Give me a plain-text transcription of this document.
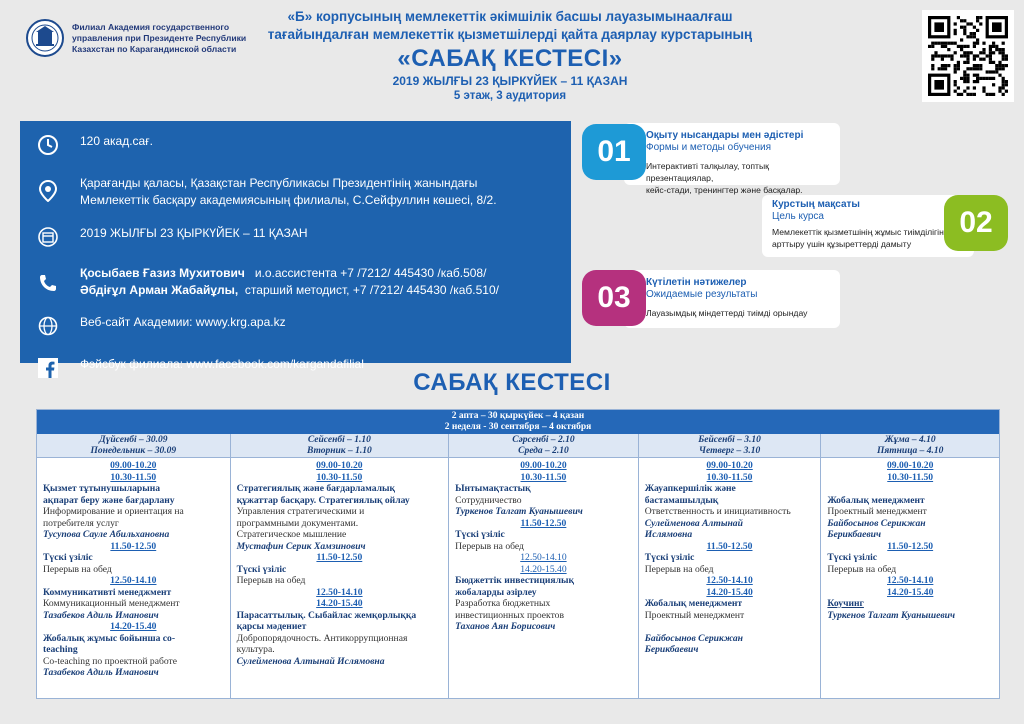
Филиал Академия государственного
управления при Президенте Республики
Казахстан по Карагандинской области
«Б» корпусының мемлекеттік әкімшілік басшы лауазымынаалғаш
тағайындалған мемлекеттік қызметшілерді қайта даярлау курстарының
«САБАҚ КЕСТЕСІ»
2019 ЖЫЛҒЫ 23 ҚЫРКҮЙЕК – 11 ҚАЗАН
5 этаж, 3 аудитория
120 акад.сағ.
Қарағанды қаласы, Қазақстан Республикасы Президентінің жанындағы
Мемлекеттік басқару академиясының филиалы, С.Сейфуллин көшесі, 8/2.
2019 ЖЫЛҒЫ 23 ҚЫРКҮЙЕК – 11 ҚАЗАН
Қосыбаев Ғазиз Мухитович и.о.ассистента +7 /7212/ 445430 /каб.508/
Әбдіғұл Арман Жабайұлы, старший методист, +7 /7212/ 445430 /каб.510/
Веб-сайт Академии: wwwy.krg.apa.kz
Фэйсбук филиала: www.facebook.com/kargandafilial
Оқыту нысандары мен әдістері
Формы и методы обучения
Интерактивті талқылау, топтық презентациялар,
кейс-стади, тренингтер және басқалар.
01
Курстың мақсаты
Цель курса
Мемлекеттік қызметшінің жұмыс тиімділігін
арттыру үшін құзыреттерді дамыту
02
Күтілетін нәтижелер
Ожидаемые результаты
Лауазымдық міндеттерді тиімді орындау
03
САБАҚ КЕСТЕСІ
2 апта – 30 қыркүйек – 4 қазан
2 неделя - 30 сентября – 4 октября
Дүйсенбі – 30.09
Понедельник – 30.09
09.00-10.20
10.30-11.50
Қызмет тұтынушыларына
ақпарат беру және бағдарлану
Информирование и ориентация на
потребителя услуг
Тусупова Сауле Абильхановна
11.50-12.50
Түскі үзіліс
Перерыв на обед
12.50-14.10
Коммуникативті менеджмент
Коммуникационный менеджмент
Тазабеков Адиль Иманович
14.20-15.40
Жобалық жұмыс бойынша co-
teaching
Co-teaching по проектной работе
Тазабеков Адиль Иманович
Сейсенбі – 1.10
Вторник – 1.10
09.00-10.20
10.30-11.50
Стратегиялық және бағдарламалық
құжаттар басқару. Стратегиялық ойлау
Управления стратегическими и
программными документами.
Стратегическое мышление
Мустафин Серик Хамзинович
11.50-12.50
Түскі үзіліс
Перерыв на обед
12.50-14.10
14.20-15.40
Парасаттылық. Сыбайлас жемқорлыққа
қарсы мәдениет
Добропорядочность. Антикоррупционная
культура.
Сулейменова Алтынай Ислямовна
Сәрсенбі – 2.10
Среда – 2.10
09.00-10.20
10.30-11.50
Ынтымақтастық
Сотрудничество
Туркенов Талгат Куанышевич
11.50-12.50
Түскі үзіліс
Перерыв на обед
12.50-14.10
14.20-15.40
Бюджеттік инвестициялық
жобаларды әзірлеу
Разработка бюджетных
инвестиционных проектов
Таханов Аян Борисович
Бейсенбі – 3.10
Четверг – 3.10
09.00-10.20
10.30-11.50
Жауапкершілік және
бастамашылдық
Ответственность и инициативность
Сулейменова Алтынай
Ислямовна
11.50-12.50
Түскі үзіліс
Перерыв на обед
12.50-14.10
14.20-15.40
Жобалық менеджмент
Проектный менеджмент
Байбосынов Серикжан
Берикбаевич
Жұма – 4.10
Пятница – 4.10
09.00-10.20
10.30-11.50
Жобалық менеджмент
Проектный менеджмент
Байбосынов Серикжан
Берикбаевич
11.50-12.50
Түскі үзіліс
Перерыв на обед
12.50-14.10
14.20-15.40
Коучинг
Туркенов Талгат Куанышевич
